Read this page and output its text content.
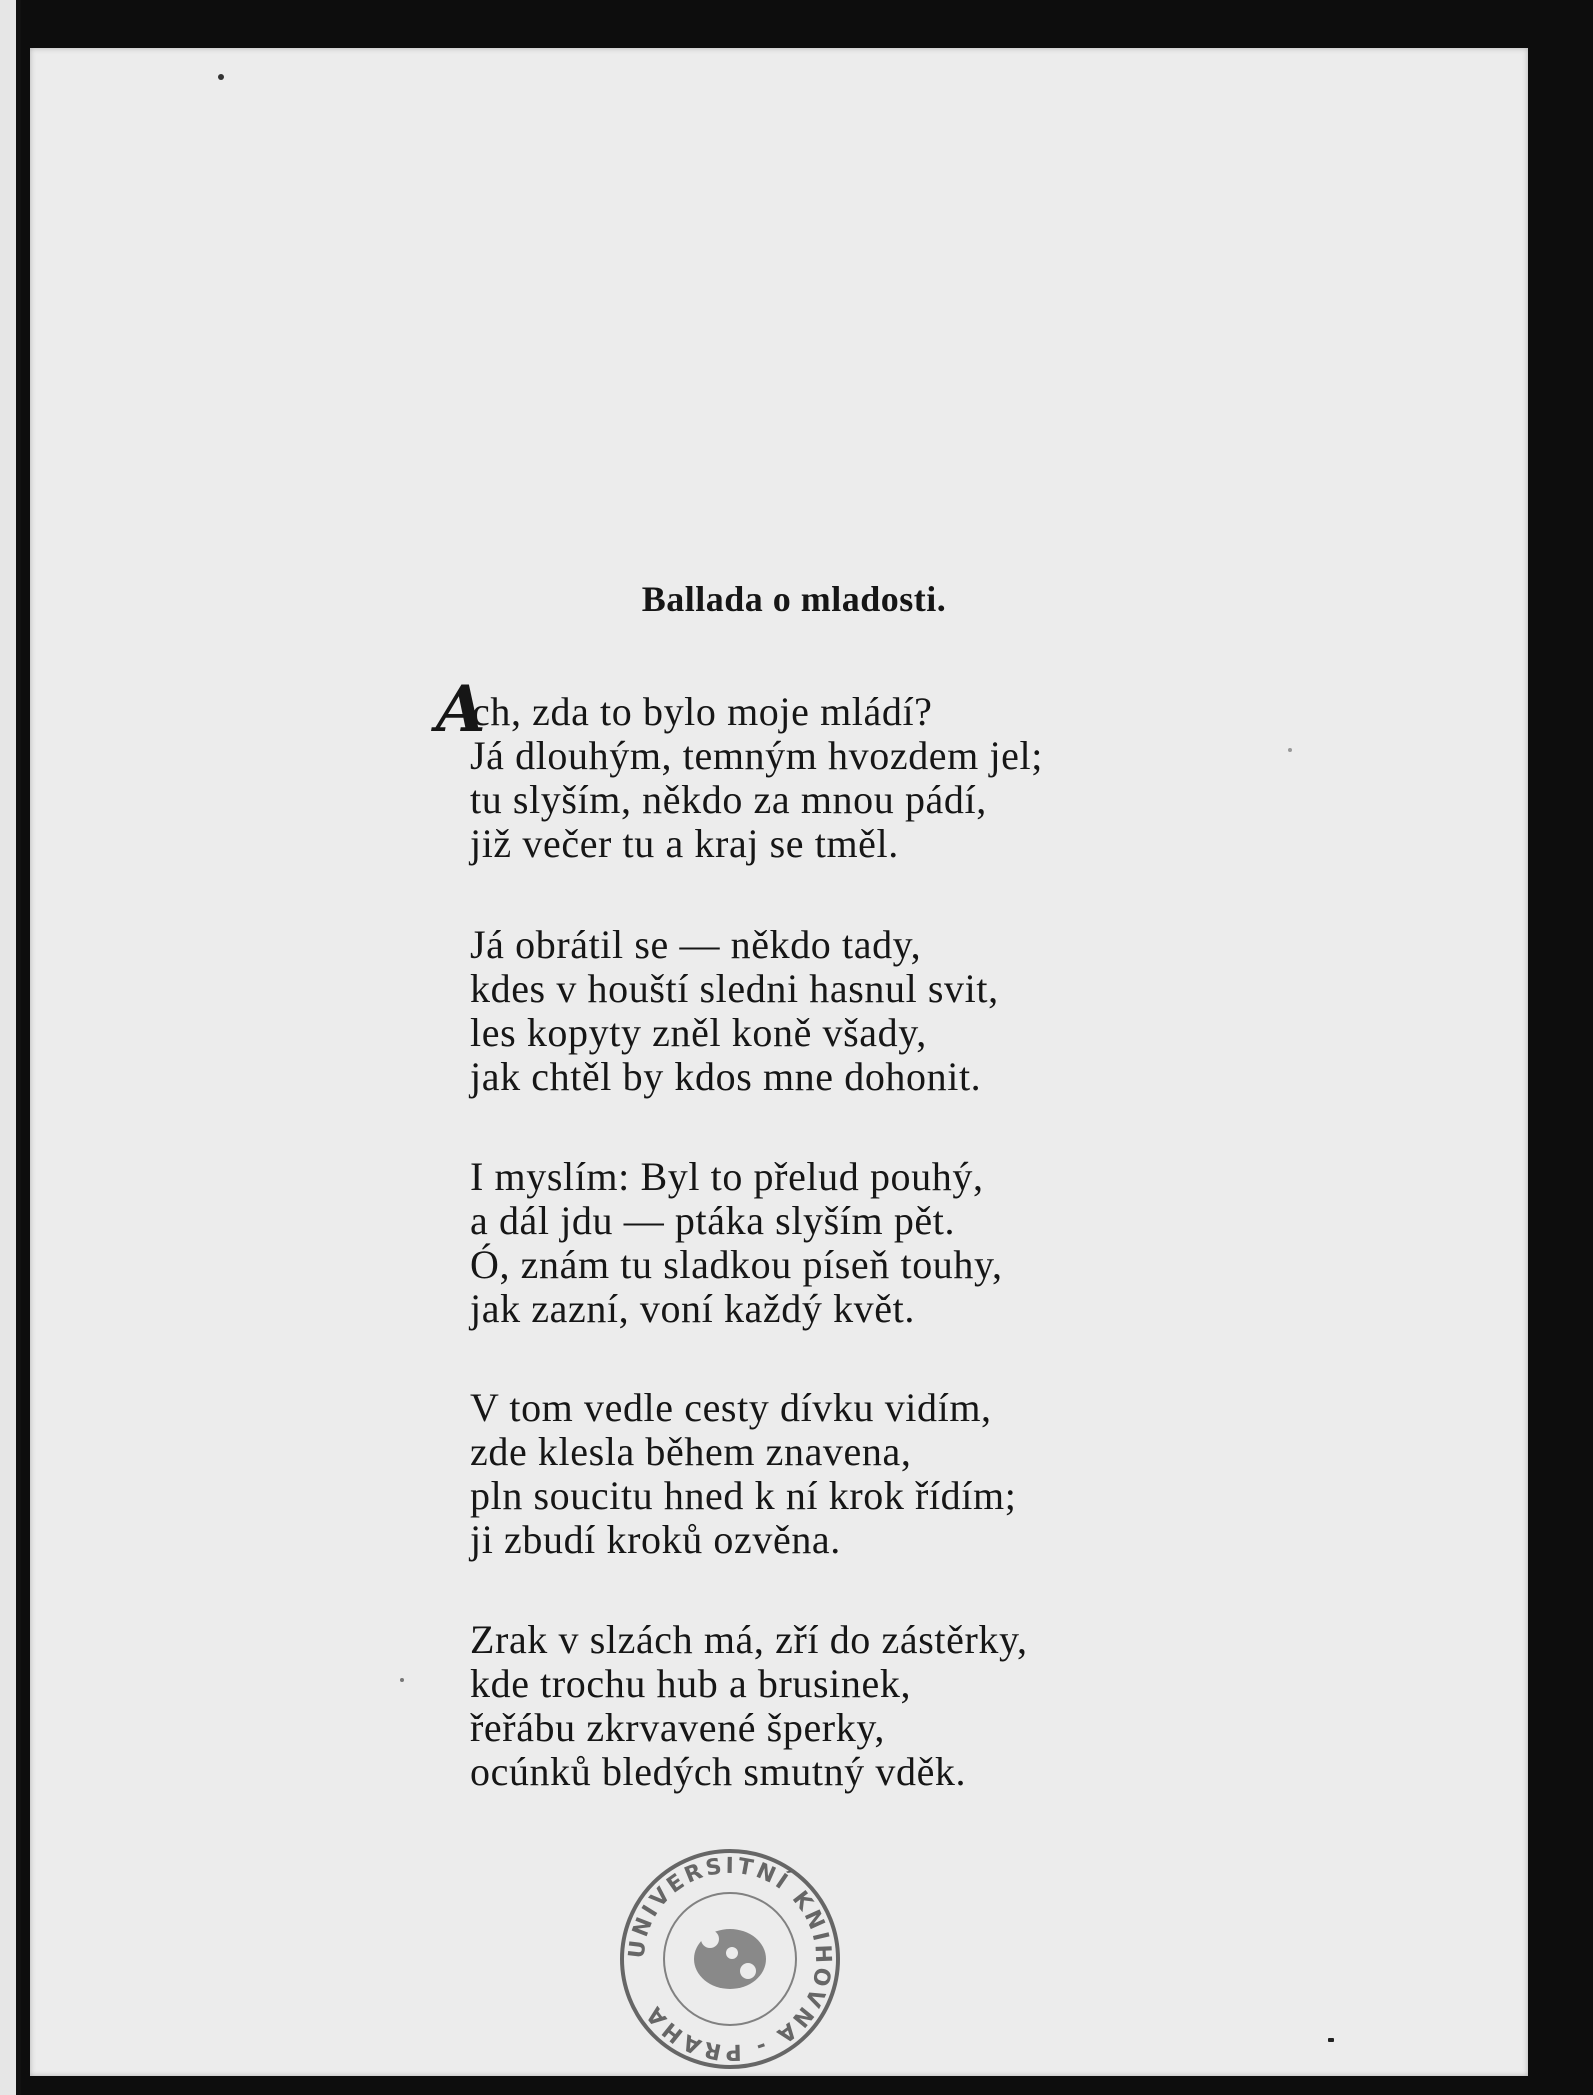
Ballada o mladosti.
Ach, zda to bylo moje mládí?
Já dlouhým, temným hvozdem jel;
tu slyším, někdo za mnou pádí,
již večer tu a kraj se tměl.
Já obrátil se — někdo tady,
kdes v houští sledni hasnul svit,
les kopyty zněl koně všady,
jak chtěl by kdos mne dohonit.
I myslím: Byl to přelud pouhý,
a dál jdu — ptáka slyším pět.
Ó, znám tu sladkou píseň touhy,
jak zazní, voní každý květ.
V tom vedle cesty dívku vidím,
zde klesla během znavena,
pln soucitu hned k ní krok řídím;
ji zbudí kroků ozvěna.
Zrak v slzách má, zří do zástěrky,
kde trochu hub a brusinek,
řeřábu zkrvavené šperky,
ocúnků bledých smutný vděk.
UNIVERSITNÍ KNIHOVNA - PRAHA
